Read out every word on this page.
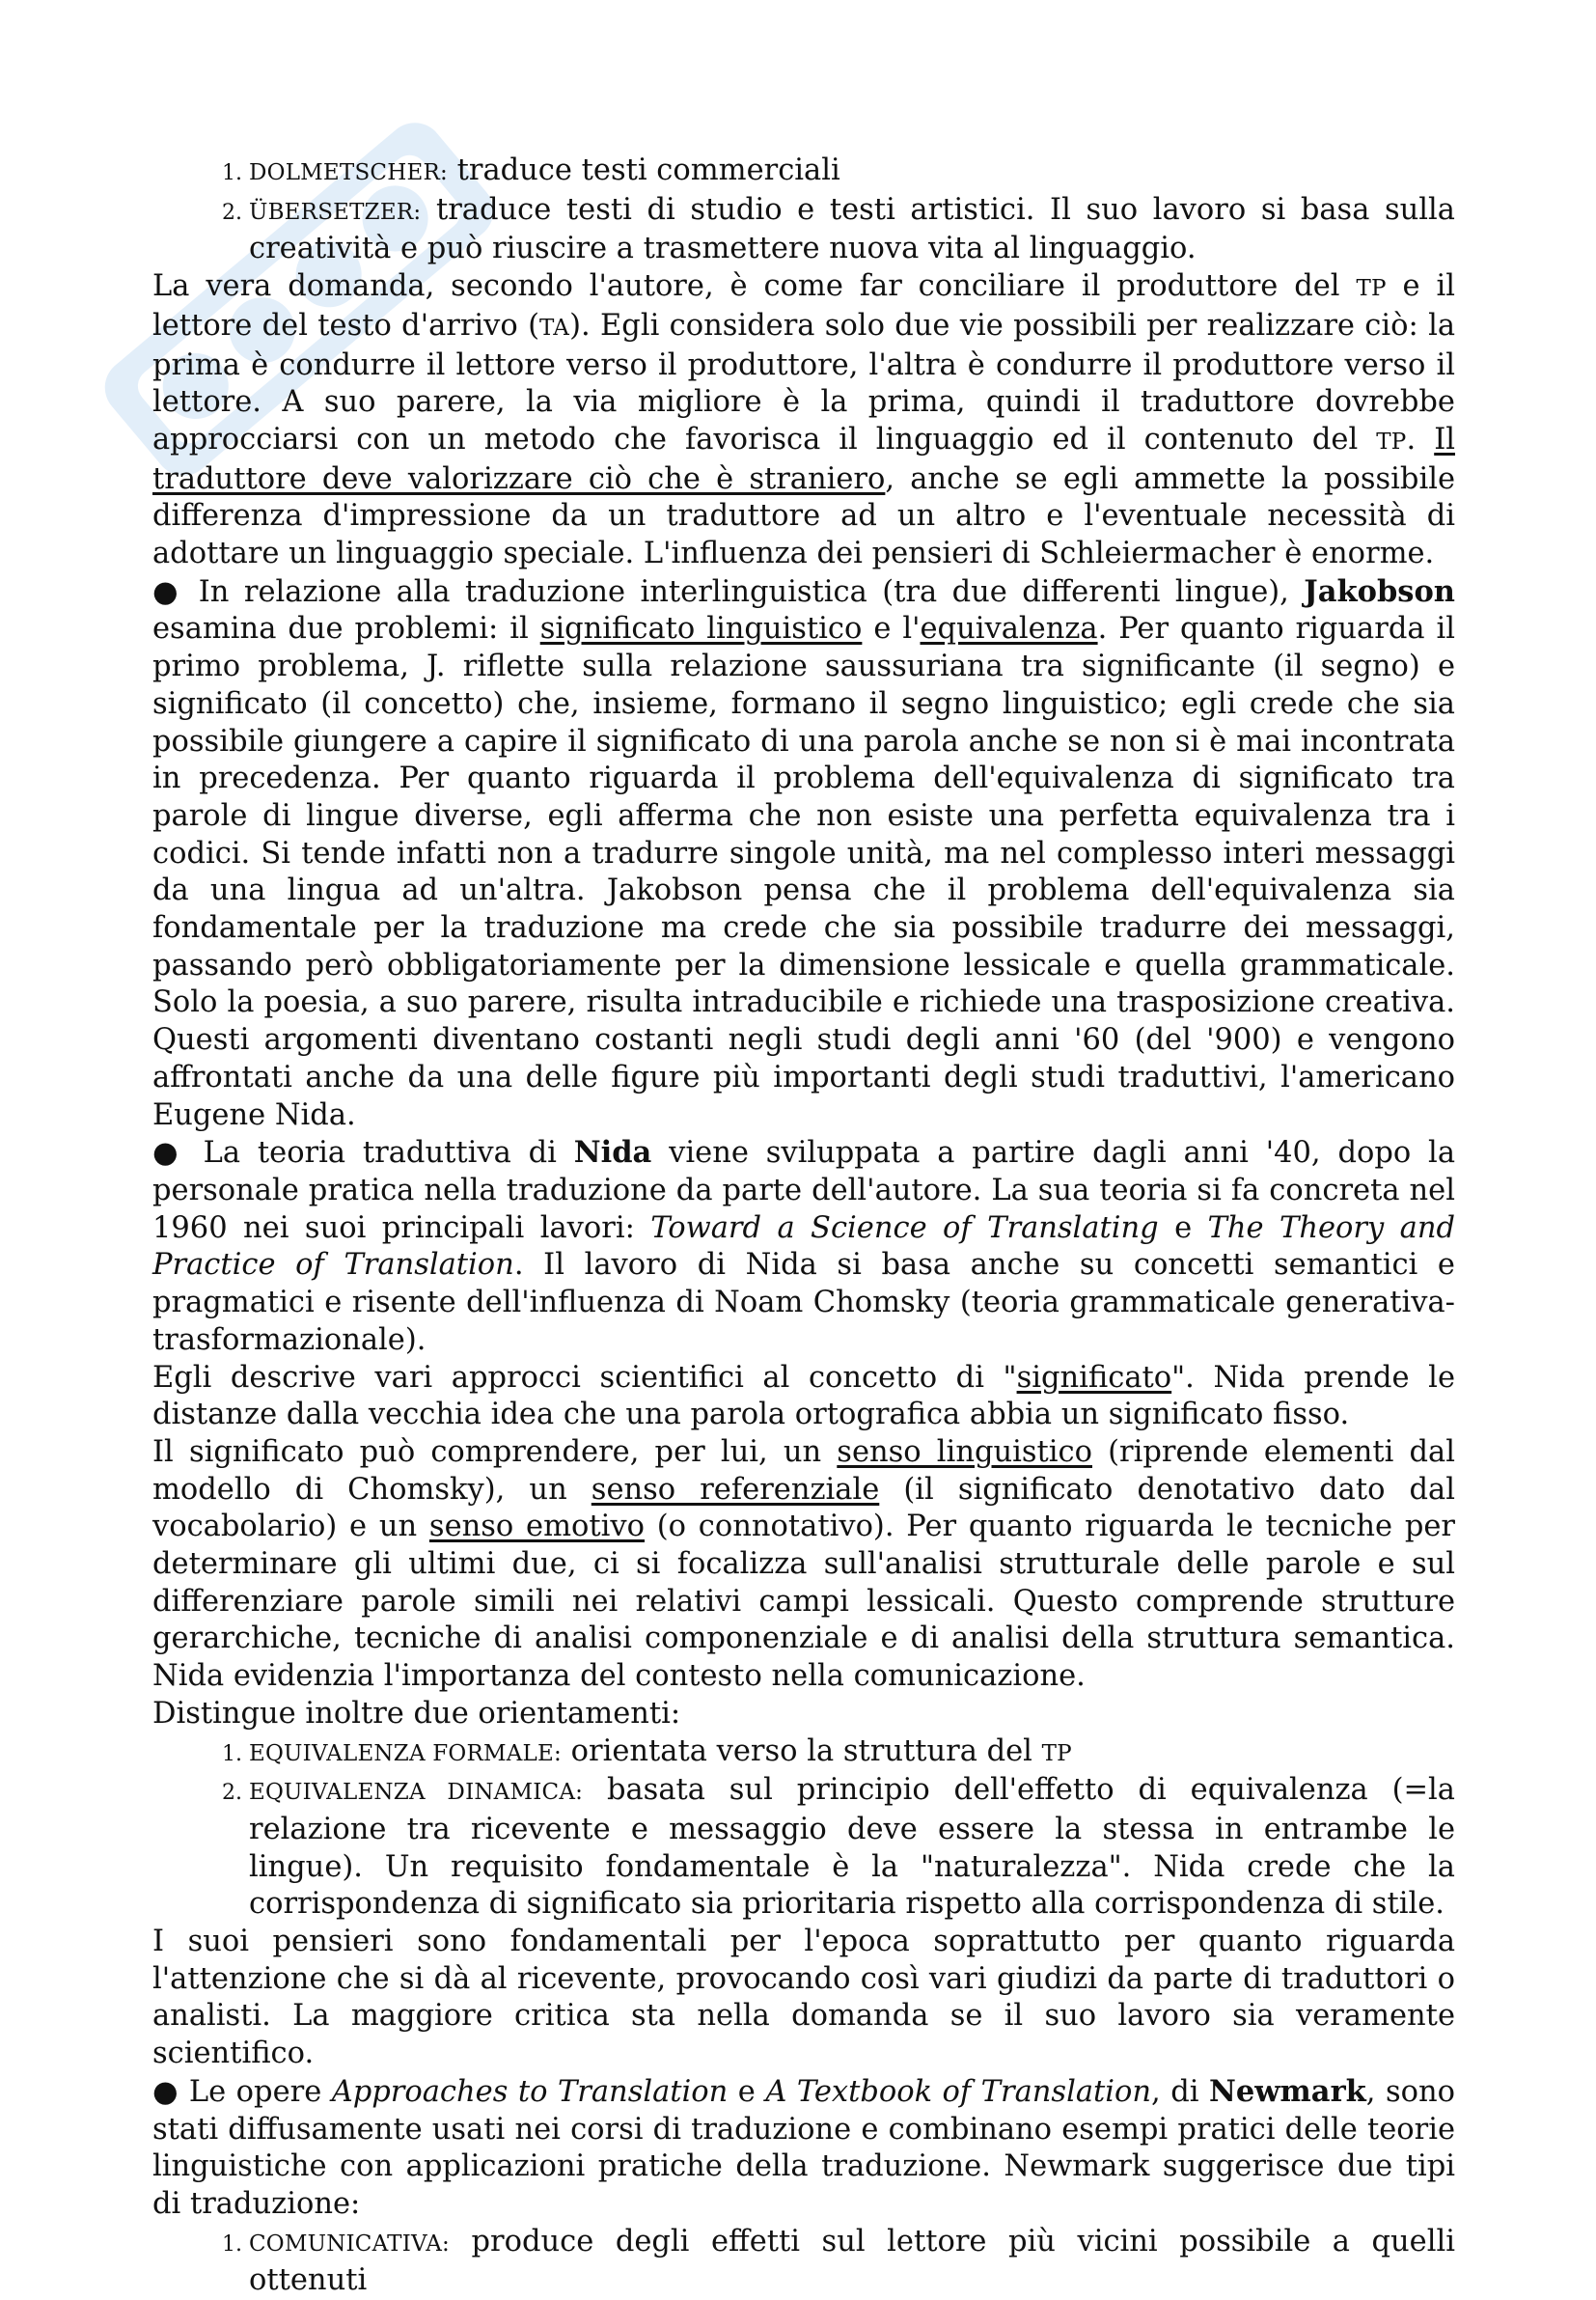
1. DOLMETSCHER: traduce testi commerciali
2. ÜBERSETZER: traduce testi di studio e testi artistici. Il suo lavoro si basa sulla creatività e può riuscire a trasmettere nuova vita al linguaggio.

La vera domanda, secondo l'autore, è come far conciliare il produttore del TP e il lettore del testo d'arrivo (TA). Egli considera solo due vie possibili per realizzare ciò: la prima è condurre il lettore verso il produttore, l'altra è condurre il produttore verso il lettore. A suo parere, la via migliore è la prima, quindi il traduttore dovrebbe approcciarsi con un metodo che favorisca il linguaggio ed il contenuto del TP. Il traduttore deve valorizzare ciò che è straniero, anche se egli ammette la possibile differenza d'impressione da un traduttore ad un altro e l'eventuale necessità di adottare un linguaggio speciale. L'influenza dei pensieri di Schleiermacher è enorme.

● In relazione alla traduzione interlinguistica (tra due differenti lingue), Jakobson esamina due problemi: il significato linguistico e l'equivalenza. Per quanto riguarda il primo problema, J. riflette sulla relazione saussuriana tra significante (il segno) e significato (il concetto) che, insieme, formano il segno linguistico; egli crede che sia possibile giungere a capire il significato di una parola anche se non si è mai incontrata in precedenza. Per quanto riguarda il problema dell'equivalenza di significato tra parole di lingue diverse, egli afferma che non esiste una perfetta equivalenza tra i codici. Si tende infatti non a tradurre singole unità, ma nel complesso interi messaggi da una lingua ad un'altra. Jakobson pensa che il problema dell'equivalenza sia fondamentale per la traduzione ma crede che sia possibile tradurre dei messaggi, passando però obbligatoriamente per la dimensione lessicale e quella grammaticale. Solo la poesia, a suo parere, risulta intraducibile e richiede una trasposizione creativa. Questi argomenti diventano costanti negli studi degli anni '60 (del '900) e vengono affrontati anche da una delle figure più importanti degli studi traduttivi, l'americano Eugene Nida.

● La teoria traduttiva di Nida viene sviluppata a partire dagli anni '40, dopo la personale pratica nella traduzione da parte dell'autore. La sua teoria si fa concreta nel 1960 nei suoi principali lavori: Toward a Science of Translating e The Theory and Practice of Translation. Il lavoro di Nida si basa anche su concetti semantici e pragmatici e risente dell'influenza di Noam Chomsky (teoria grammaticale generativa-trasformazionale).

Egli descrive vari approcci scientifici al concetto di "significato". Nida prende le distanze dalla vecchia idea che una parola ortografica abbia un significato fisso.

Il significato può comprendere, per lui, un senso linguistico (riprende elementi dal modello di Chomsky), un senso referenziale (il significato denotativo dato dal vocabolario) e un senso emotivo (o connotativo). Per quanto riguarda le tecniche per determinare gli ultimi due, ci si focalizza sull'analisi strutturale delle parole e sul differenziare parole simili nei relativi campi lessicali. Questo comprende strutture gerarchiche, tecniche di analisi componenziale e di analisi della struttura semantica. Nida evidenzia l'importanza del contesto nella comunicazione.

Distingue inoltre due orientamenti:

1. EQUIVALENZA FORMALE: orientata verso la struttura del TP
2. EQUIVALENZA DINAMICA: basata sul principio dell'effetto di equivalenza (=la relazione tra ricevente e messaggio deve essere la stessa in entrambe le lingue). Un requisito fondamentale è la "naturalezza". Nida crede che la corrispondenza di significato sia prioritaria rispetto alla corrispondenza di stile.

I suoi pensieri sono fondamentali per l'epoca soprattutto per quanto riguarda l'attenzione che si dà al ricevente, provocando così vari giudizi da parte di traduttori o analisti. La maggiore critica sta nella domanda se il suo lavoro sia veramente scientifico.

● Le opere Approaches to Translation e A Textbook of Translation, di Newmark, sono stati diffusamente usati nei corsi di traduzione e combinano esempi pratici delle teorie linguistiche con applicazioni pratiche della traduzione. Newmark suggerisce due tipi di traduzione:

1. COMUNICATIVA: produce degli effetti sul lettore più vicini possibile a quelli ottenuti
